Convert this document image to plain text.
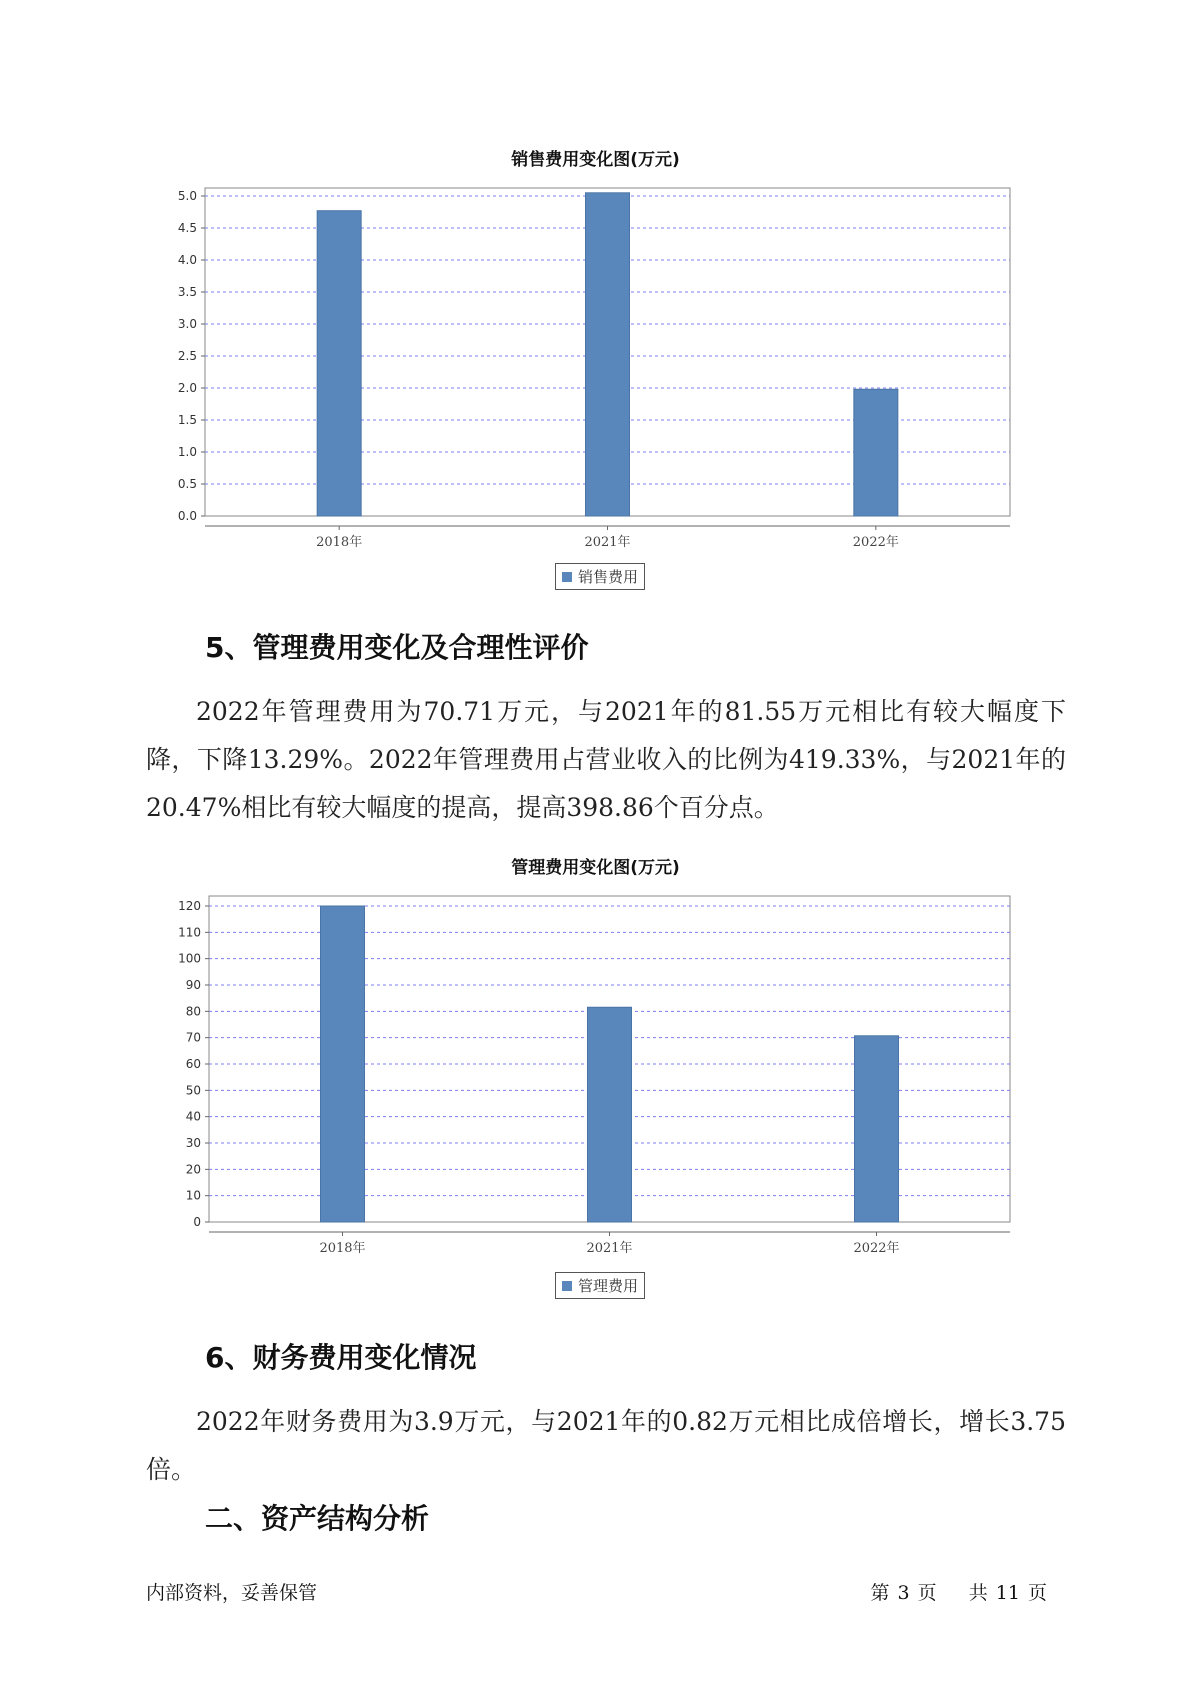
销售费用变化图(万元)
0.0
0.5
1.0
1.5
2.0
2.5
3.0
3.5
4.0
4.5
5.0
2018年	2021年	2022年
销售费用
5、管理费用变化及合理性评价

2022年管理费用为70.71万元，与2021年的81.55万元相比有较大幅度下降，下降13.29%。2022年管理费用占营业收入的比例为419.33%，与2021年的20.47%相比有较大幅度的提高，提高398.86个百分点。

管理费用变化图(万元)
0
10
20
30
40
50
60
70
80
90
100
110
120
2018年	2021年	2022年
管理费用
6、财务费用变化情况

2022年财务费用为3.9万元，与2021年的0.82万元相比成倍增长，增长3.75倍。

二、资产结构分析
内部资料，妥善保管	第 3 页 共 11 页
